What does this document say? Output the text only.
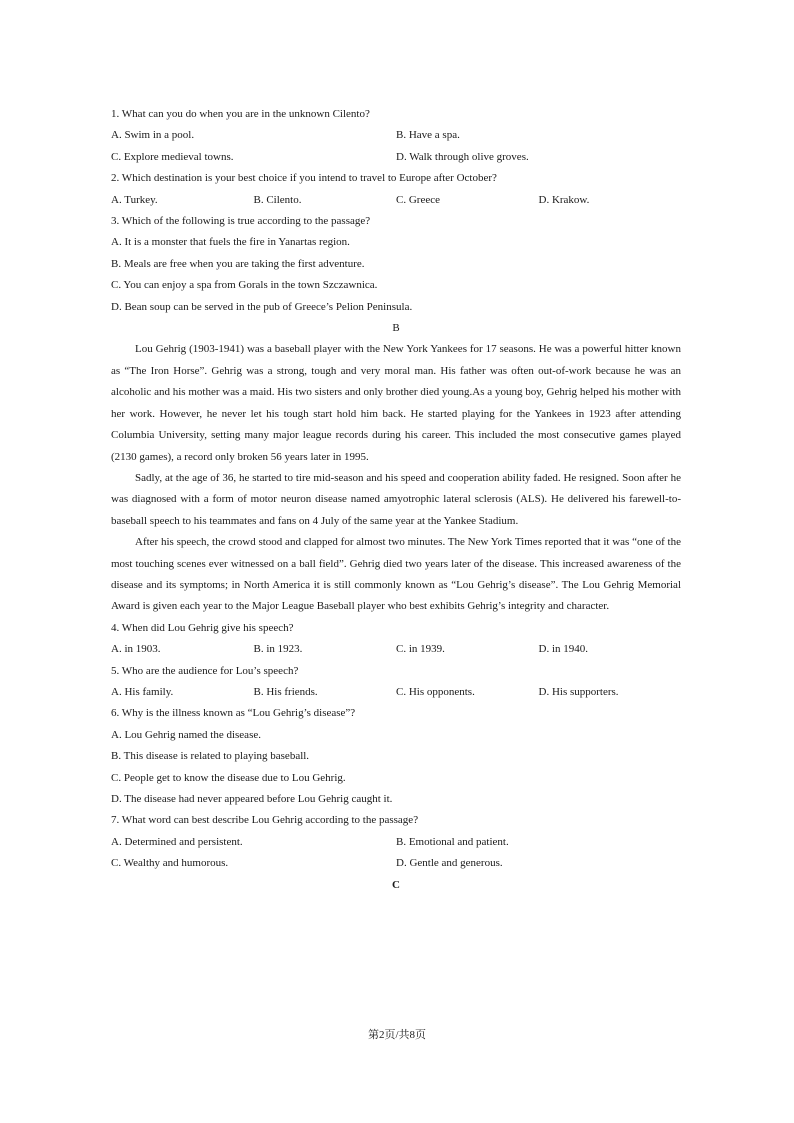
1. What can you do when you are in the unknown Cilento?
A. Swim in a pool.	B. Have a spa.
C. Explore medieval towns.	D. Walk through olive groves.
2. Which destination is your best choice if you intend to travel to Europe after October?
A. Turkey.	B. Cilento.	C. Greece	D. Krakow.
3. Which of the following is true according to the passage?
A. It is a monster that fuels the fire in Yanartas region.
B. Meals are free when you are taking the first adventure.
C. You can enjoy a spa from Gorals in the town Szczawnica.
D. Bean soup can be served in the pub of Greece’s Pelion Peninsula.
B

Lou Gehrig (1903-1941) was a baseball player with the New York Yankees for 17 seasons. He was a powerful hitter known as “The Iron Horse”. Gehrig was a strong, tough and very moral man. His father was often out-of-work because he was an alcoholic and his mother was a maid. His two sisters and only brother died young.As a young boy, Gehrig helped his mother with her work. However, he never let his tough start hold him back. He started playing for the Yankees in 1923 after attending Columbia University, setting many major league records during his career. This included the most consecutive games played (2130 games), a record only broken 56 years later in 1995.

Sadly, at the age of 36, he started to tire mid-season and his speed and cooperation ability faded. He resigned. Soon after he was diagnosed with a form of motor neuron disease named amyotrophic lateral sclerosis (ALS). He delivered his farewell-to-baseball speech to his teammates and fans on 4 July of the same year at the Yankee Stadium.

After his speech, the crowd stood and clapped for almost two minutes. The New York Times reported that it was “one of the most touching scenes ever witnessed on a ball field”. Gehrig died two years later of the disease. This increased awareness of the disease and its symptoms; in North America it is still commonly known as “Lou Gehrig’s disease”. The Lou Gehrig Memorial Award is given each year to the Major League Baseball player who best exhibits Gehrig’s integrity and character.

4. When did Lou Gehrig give his speech?
A. in 1903.	B. in 1923.	C. in 1939.	D. in 1940.
5. Who are the audience for Lou’s speech?
A. His family.	B. His friends.	C. His opponents.	D. His supporters.
6. Why is the illness known as “Lou Gehrig’s disease”?
A. Lou Gehrig named the disease.
B. This disease is related to playing baseball.
C. People get to know the disease due to Lou Gehrig.
D. The disease had never appeared before Lou Gehrig caught it.
7. What word can best describe Lou Gehrig according to the passage?
A. Determined and persistent.	B. Emotional and patient.
C. Wealthy and humorous.	D. Gentle and generous.
C
第2页/共8页
